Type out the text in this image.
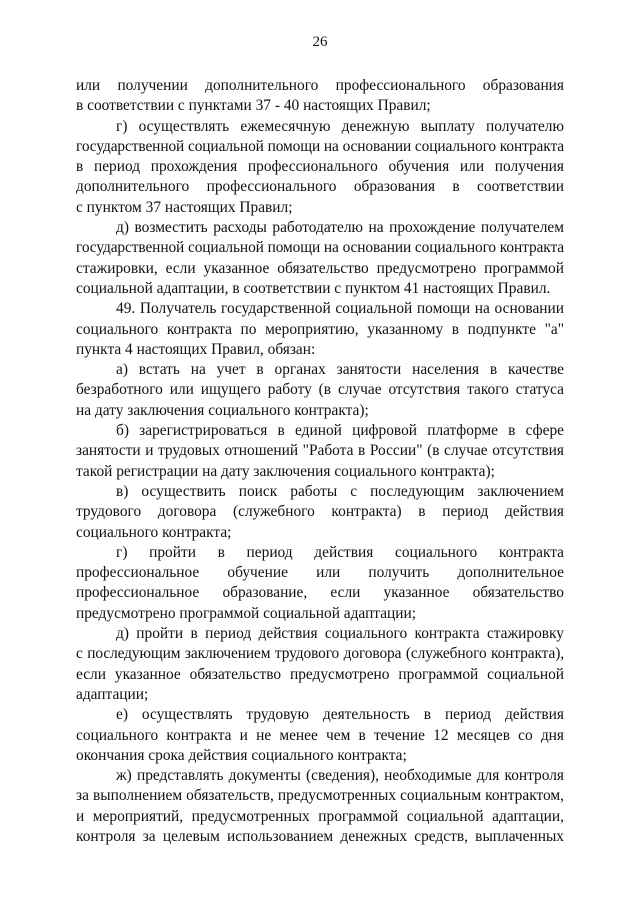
26
или получении дополнительного профессионального образования
в соответствии с пунктами 37 - 40 настоящих Правил;
г) осуществлять ежемесячную денежную выплату получателю
государственной социальной помощи на основании социального контракта
в период прохождения профессионального обучения или получения
дополнительного профессионального образования в соответствии
с пунктом 37 настоящих Правил;
д) возместить расходы работодателю на прохождение получателем
государственной социальной помощи на основании социального контракта
стажировки, если указанное обязательство предусмотрено программой
социальной адаптации, в соответствии с пунктом 41 настоящих Правил.
49. Получатель государственной социальной помощи на основании
социального контракта по мероприятию, указанному в подпункте "а"
пункта 4 настоящих Правил, обязан:
а) встать на учет в органах занятости населения в качестве
безработного или ищущего работу (в случае отсутствия такого статуса
на дату заключения социального контракта);
б) зарегистрироваться в единой цифровой платформе в сфере
занятости и трудовых отношений "Работа в России" (в случае отсутствия
такой регистрации на дату заключения социального контракта);
в) осуществить поиск работы с последующим заключением
трудового договора (служебного контракта) в период действия
социального контракта;
г) пройти в период действия социального контракта
профессиональное обучение или получить дополнительное
профессиональное образование, если указанное обязательство
предусмотрено программой социальной адаптации;
д) пройти в период действия социального контракта стажировку
с последующим заключением трудового договора (служебного контракта),
если указанное обязательство предусмотрено программой социальной
адаптации;
е) осуществлять трудовую деятельность в период действия
социального контракта и не менее чем в течение 12 месяцев со дня
окончания срока действия социального контракта;
ж) представлять документы (сведения), необходимые для контроля
за выполнением обязательств, предусмотренных социальным контрактом,
и мероприятий, предусмотренных программой социальной адаптации,
контроля за целевым использованием денежных средств, выплаченных
